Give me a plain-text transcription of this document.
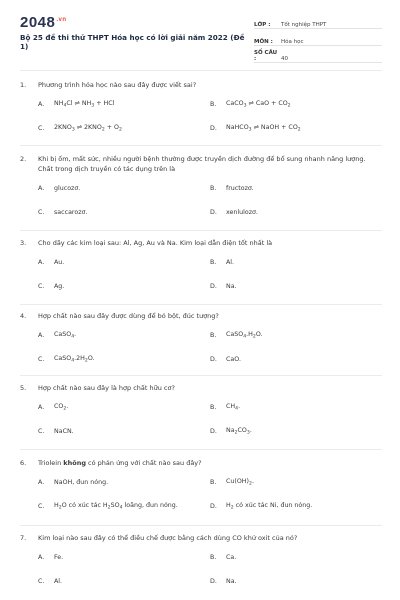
$2048^{.vn}$
Bộ 25 đề thi thử THPT Hóa học có lời giải năm 2022 (Đề 1)
LỚP :	Tốt nghiệp THPT
MÔN :	Hóa học
SỐ CÂU :	40
1.	Phương trình hóa học nào sau đây được viết sai?
A.	$NH_4Cl$ ⇌ $NH_3$ + HCl	B.	CaCO$_3$ ⇌ CaO + $CO_2$
C.	$2KNO_3$ ⇌ $2KNO_2 + O_2$	D.	NaHCO$_3$ ⇌ NaOH + $CO_2$
2.	Khi bị ốm, mất sức, nhiều người bệnh thường được truyền dịch đường để bổ sung nhanh năng lượng. Chất trong dịch truyền có tác dụng trên là
A.	glucozơ.	B.	fructozơ.
C.	saccarozơ.	D.	xenlulozơ.
3.	Cho dãy các kim loại sau: Al, Ag, Au và Na. Kim loại dẫn điện tốt nhất là
A.	Au.	B.	Al.
C.	Ag.	D.	Na.
4.	Hợp chất nào sau đây được dùng để bó bột, đúc tượng?
A.	CaSO$_4$.	B.	$CaSO_4.H_2O$.
C.	$CaSO_4.2H_2O$.	D.	CaO.
5.	Hợp chất nào sau đây là hợp chất hữu cơ?
A.	$CO_2$.	B.	$CH_4$.
C.	NaCN.	D.	$Na_2CO_3$.
6.	Triolein không có phản ứng với chất nào sau đây?
A.	NaOH, đun nóng.	B.	$Cu(OH)_2$.
C.	$H_2O$ có xúc tác $H_2SO_4$ loãng, đun nóng.	D.	$H_2$ có xúc tác Ni, đun nóng.
7.	Kim loại nào sau đây có thể điều chế được bằng cách dùng CO khử oxit của nó?
A.	Fe.	B.	Ca.
C.	Al.	D.	Na.
